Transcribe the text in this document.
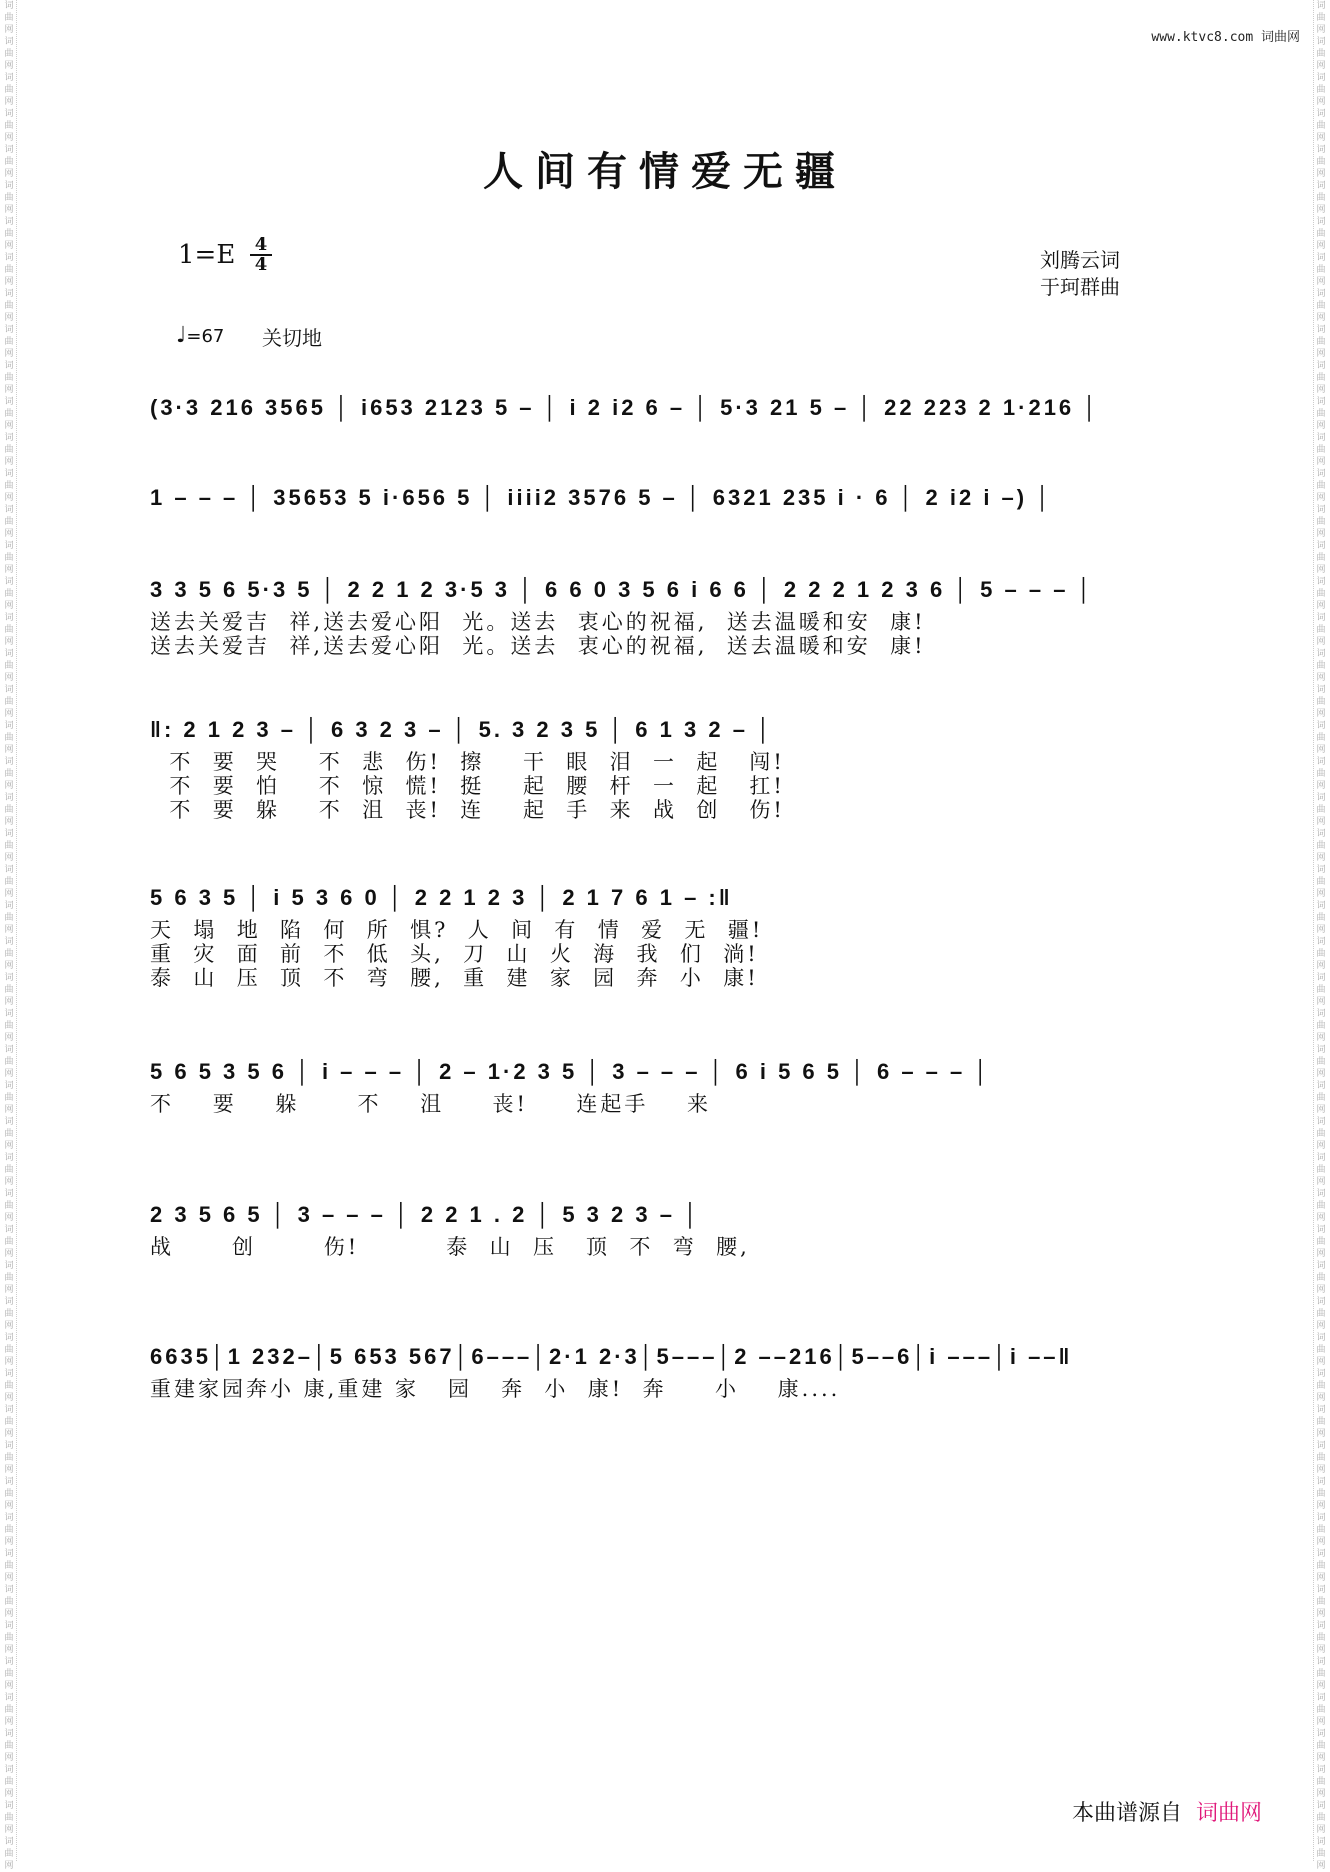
词曲网
词曲网
词曲网
词曲网
词曲网
词曲网
词曲网
词曲网
词曲网
词曲网
词曲网
词曲网
词曲网
词曲网
词曲网
词曲网
词曲网
词曲网
词曲网
词曲网
词曲网
词曲网
词曲网
词曲网
词曲网
词曲网
词曲网
词曲网
词曲网
词曲网
词曲网
词曲网
词曲网
词曲网
词曲网
词曲网
词曲网
词曲网
词曲网
词曲网
词曲网
词曲网
词曲网
词曲网
词曲网
词曲网
词曲网
词曲网
词曲网
词曲网
词曲网
词曲网
词曲网
词曲网
词曲网
词曲网
词曲网
词曲网
词曲网
词曲网
词曲网
词曲网
词曲网
词曲网
词曲网
词曲网
词曲网
词曲网
词曲网
词曲网
词曲网
词曲网
词曲网
词曲网
词曲网
词曲网
词曲网
词曲网
词曲网
词曲网
词曲网
词曲网
词曲网
词曲网
词曲网
词曲网
词曲网
词曲网
词曲网
词曲网
词曲网
词曲网
词曲网
词曲网
词曲网
词曲网
词曲网
词曲网
词曲网
词曲网
词曲网
词曲网
词曲网
词曲网
www.ktvc8.com 词曲网
人间有情爱无疆
1=E 4
4	刘腾云词
于珂群曲
♩=67 关切地
(3·3 216 3565 │ i653 2123 5 – │ i 2 i2 6 – │ 5·3 21 5 – │ 22 223 2 1·216 │
1 – – – │ 35653 5 i·656 5 │ iiii2 3576 5 – │ 6321 235 i · 6 │ 2 i2 i –) │
3 3 5 6 5·3 5 │ 2 2 1 2 3·5 3 │ 6 6 0 3 5 6 i 6 6 │ 2 2 2 1 2 3 6 │ 5 – – – │
送去关爱吉  祥,送去爱心阳  光。送去  衷心的祝福,  送去温暖和安  康!
送去关爱吉  祥,送去爱心阳  光。送去  衷心的祝福,  送去温暖和安  康!
‖: 2 1 2 3 – │ 6 3 2 3 – │ 5. 3 2 3 5 │ 6 1 3 2 – │
不  要  哭    不  悲  伤!  擦    干  眼  泪  一  起   闯!
不  要  怕    不  惊  慌!  挺    起  腰  杆  一  起   扛!
不  要  躲    不  沮  丧!  连    起  手  来  战  创   伤!
5 6 3 5 │ i 5 3 6 0 │ 2 2 1 2 3 │ 2 1 7 6 1 – :‖
天  塌  地  陷  何  所  惧?  人  间  有  情  爱  无  疆!
重  灾  面  前  不  低  头,  刀  山  火  海  我  们  淌!
泰  山  压  顶  不  弯  腰,  重  建  家  园  奔  小  康!
5 6 5 3 5 6 │ i – – – │ 2 – 1·2 3 5 │ 3 – – – │ 6 i 5 6 5 │ 6 – – – │
不    要    躲      不    沮     丧!     连起手    来
2 3 5 6 5 │ 3 – – – │ 2 2 1 . 2 │ 5 3 2 3 – │
战      创       伤!         泰  山  压   顶  不  弯  腰,
6635│1 232–│5 653 567│6–––│2·1 2·3│5–––│2 ––216│5––6│i –––│i ––‖
重建家园奔小 康,重建 家   园   奔  小  康!  奔     小    康....
本曲谱源自 词曲网
